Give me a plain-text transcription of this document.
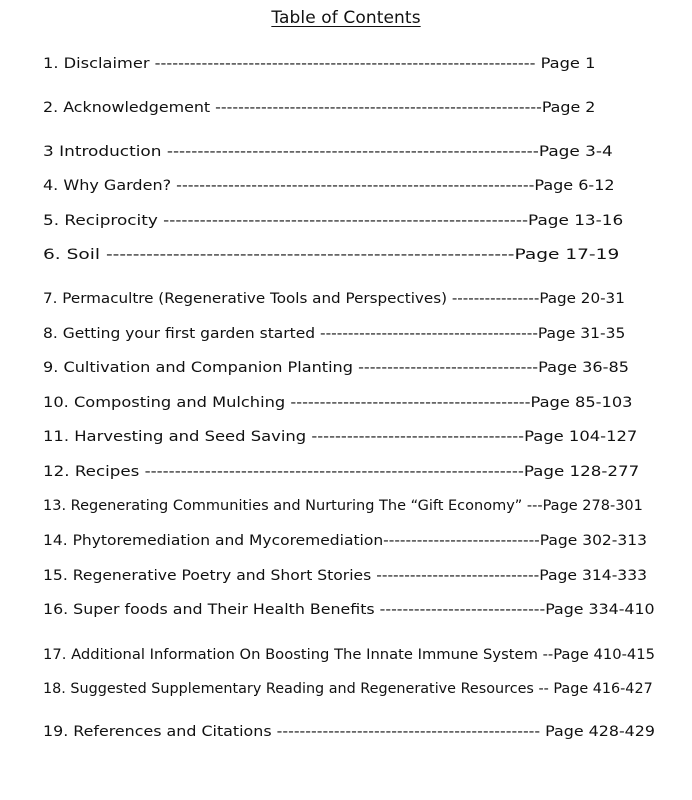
Table of Contents
1. Disclaimer ----------------------------------------------------------------- Page 1
2. Acknowledgement ---------------------------------------------------------Page 2
3 Introduction -------------------------------------------------------------Page 3-4
4. Why Garden? --------------------------------------------------------------Page 6-12
5. Reciprocity ------------------------------------------------------------Page 13-16
6. Soil -------------------------------------------------------------Page 17-19
7. Permacultre (Regenerative Tools and Perspectives) ----------------Page 20-31
8. Getting your first garden started ---------------------------------------Page 31-35
9. Cultivation and Companion Planting -------------------------------Page 36-85
10. Composting and Mulching -----------------------------------------Page 85-103
11. Harvesting and Seed Saving ------------------------------------Page 104-127
12. Recipes ---------------------------------------------------------------Page 128-277
13. Regenerating Communities and Nurturing The “Gift Economy” ---Page 278-301
14. Phytoremediation and Mycoremediation----------------------------Page 302-313
15. Regenerative Poetry and Short Stories -----------------------------Page 314-333
16. Super foods and Their Health Benefits -----------------------------Page 334-410
17. Additional Information On Boosting The Innate Immune System --Page 410-415
18. Suggested Supplementary Reading and Regenerative Resources -- Page 416-427
19. References and Citations ---------------------------------------------- Page 428-429
